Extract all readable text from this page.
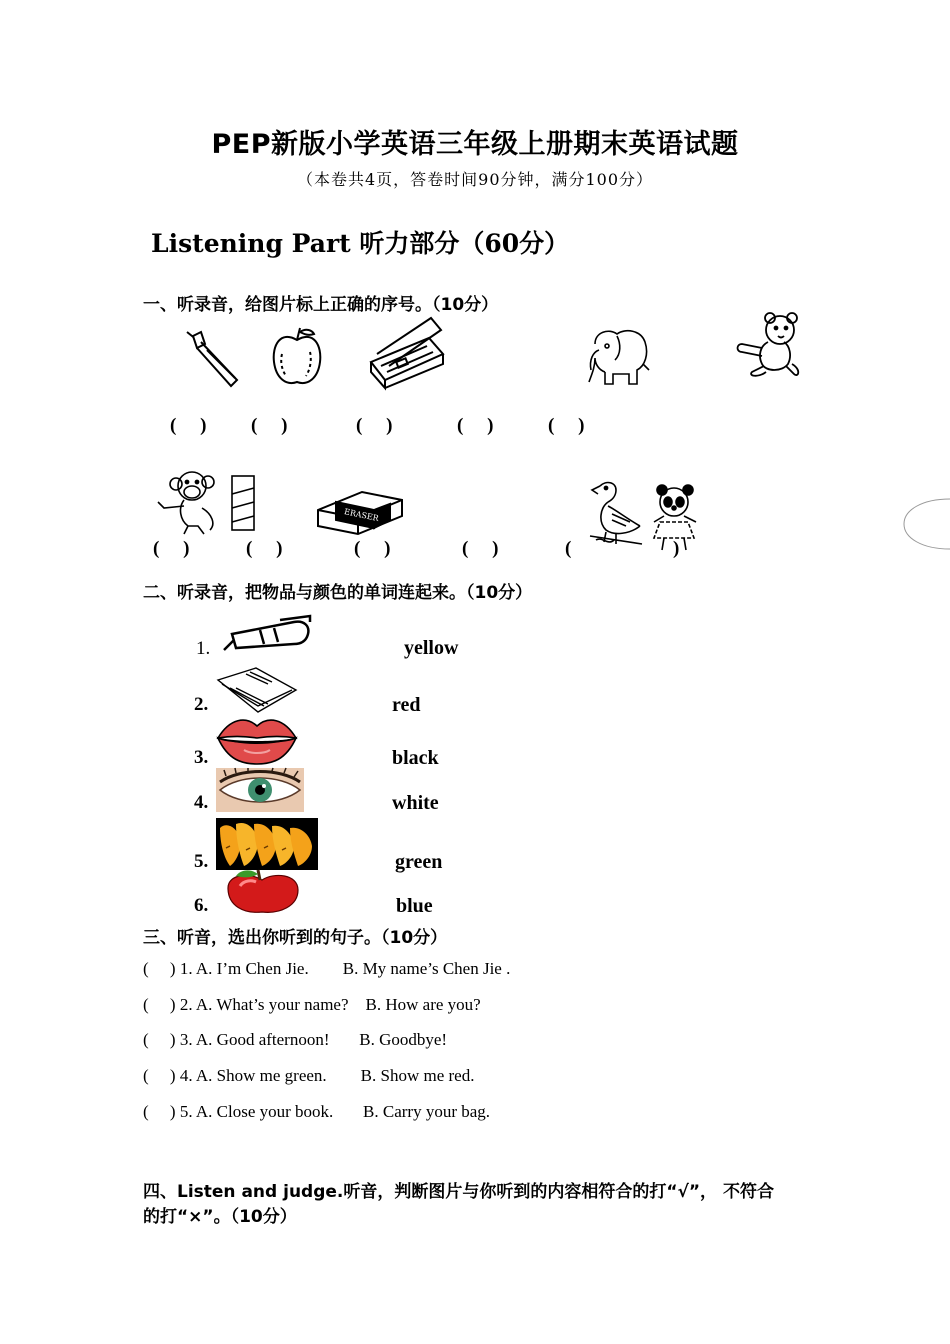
PEP新版小学英语三年级上册期末英语试题
（本卷共4页，答卷时间90分钟，满分100分）
Listening Part 听力部分（60分）
一、听录音，给图片标上正确的序号。（10分）
(     ) (     )	(     )	(     )	(     )
ERASER
(     )	(     )	(     )	(     )	(	)
二、听录音，把物品与颜色的单词连起来。（10分）
1.	yellow
2.	red
3.	black
4.	white
5.	green
6.	blue
三、听音，选出你听到的句子。（10分）
(     ) 1. A. I’m Chen Jie.        B. My name’s Chen Jie .
(     ) 2. A. What’s your name?    B. How are you?
(     ) 3. A. Good afternoon!       B. Goodbye!
(     ) 4. A. Show me green.        B. Show me red.
(     ) 5. A. Close your book.       B. Carry your bag.
四、Listen and judge.听音，判断图片与你听到的内容相符合的打“√”， 不符合
的打“×”。（10分）
